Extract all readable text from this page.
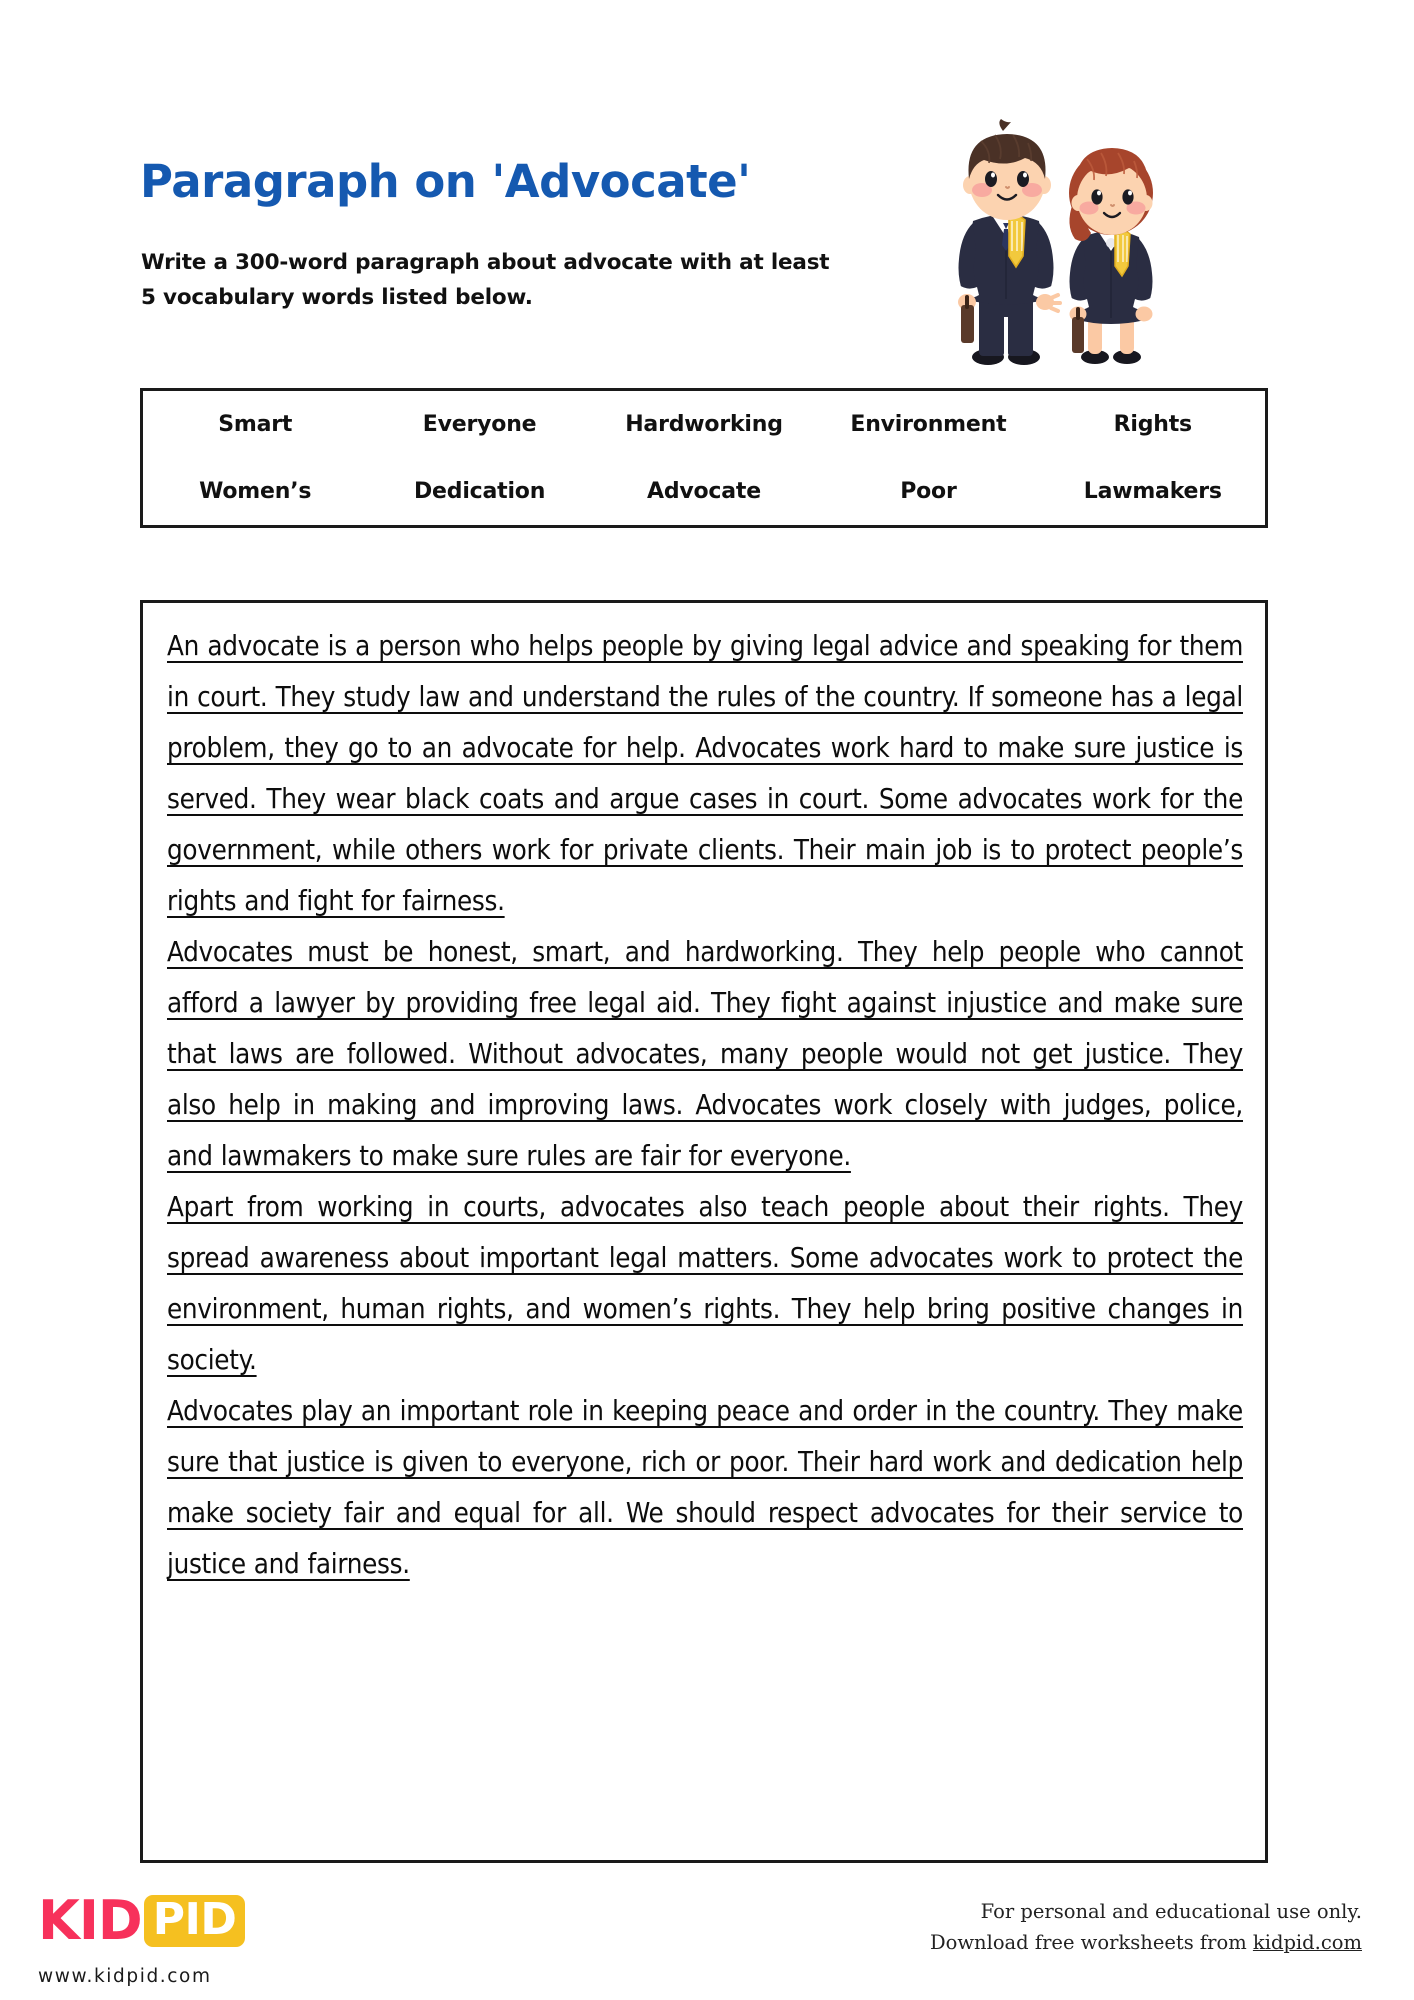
Paragraph on 'Advocate'
Write a 300-word paragraph about advocate with at least 5 vocabulary words listed below.
Smart	Everyone	Hardworking	Environment	Rights
Women’s	Dedication	Advocate	Poor	Lawmakers

An advocate is a person who helps people by giving legal advice and speaking for them in court. They study law and understand the rules of the country. If someone has a legal problem, they go to an advocate for help. Advocates work hard to make sure justice is served. They wear black coats and argue cases in court. Some advocates work for the government, while others work for private clients. Their main job is to protect people’s rights and fight for fairness.

Advocates must be honest, smart, and hardworking. They help people who cannot afford a lawyer by providing free legal aid. They fight against injustice and make sure that laws are followed. Without advocates, many people would not get justice. They also help in making and improving laws. Advocates work closely with judges, police, and lawmakers to make sure rules are fair for everyone.

Apart from working in courts, advocates also teach people about their rights. They spread awareness about important legal matters. Some advocates work to protect the environment, human rights, and women’s rights. They help bring positive changes in society.

Advocates play an important role in keeping peace and order in the country. They make sure that justice is given to everyone, rich or poor. Their hard work and dedication help make society fair and equal for all. We should respect advocates for their service to justice and fairness.

KID PID
www.kidpid.com
For personal and educational use only.
Download free worksheets from kidpid.com
